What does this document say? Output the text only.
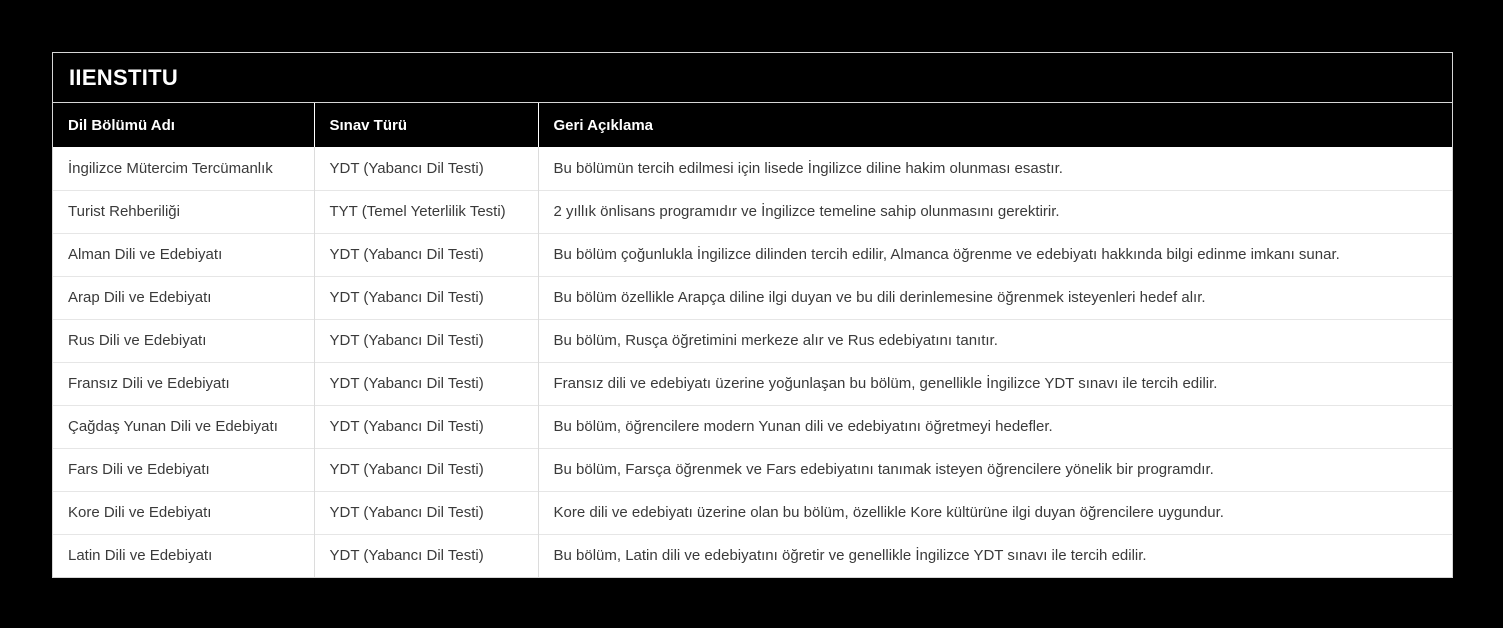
IIENSTITU
Dil Bölümü Adı	Sınav Türü	Geri Açıklama
İngilizce Mütercim Tercümanlık	YDT (Yabancı Dil Testi)	Bu bölümün tercih edilmesi için lisede İngilizce diline hakim olunması esastır.
Turist Rehberiliği	TYT (Temel Yeterlilik Testi)	2 yıllık önlisans programıdır ve İngilizce temeline sahip olunmasını gerektirir.
Alman Dili ve Edebiyatı	YDT (Yabancı Dil Testi)	Bu bölüm çoğunlukla İngilizce dilinden tercih edilir, Almanca öğrenme ve edebiyatı hakkında bilgi edinme imkanı sunar.
Arap Dili ve Edebiyatı	YDT (Yabancı Dil Testi)	Bu bölüm özellikle Arapça diline ilgi duyan ve bu dili derinlemesine öğrenmek isteyenleri hedef alır.
Rus Dili ve Edebiyatı	YDT (Yabancı Dil Testi)	Bu bölüm, Rusça öğretimini merkeze alır ve Rus edebiyatını tanıtır.
Fransız Dili ve Edebiyatı	YDT (Yabancı Dil Testi)	Fransız dili ve edebiyatı üzerine yoğunlaşan bu bölüm, genellikle İngilizce YDT sınavı ile tercih edilir.
Çağdaş Yunan Dili ve Edebiyatı	YDT (Yabancı Dil Testi)	Bu bölüm, öğrencilere modern Yunan dili ve edebiyatını öğretmeyi hedefler.
Fars Dili ve Edebiyatı	YDT (Yabancı Dil Testi)	Bu bölüm, Farsça öğrenmek ve Fars edebiyatını tanımak isteyen öğrencilere yönelik bir programdır.
Kore Dili ve Edebiyatı	YDT (Yabancı Dil Testi)	Kore dili ve edebiyatı üzerine olan bu bölüm, özellikle Kore kültürüne ilgi duyan öğrencilere uygundur.
Latin Dili ve Edebiyatı	YDT (Yabancı Dil Testi)	Bu bölüm, Latin dili ve edebiyatını öğretir ve genellikle İngilizce YDT sınavı ile tercih edilir.
